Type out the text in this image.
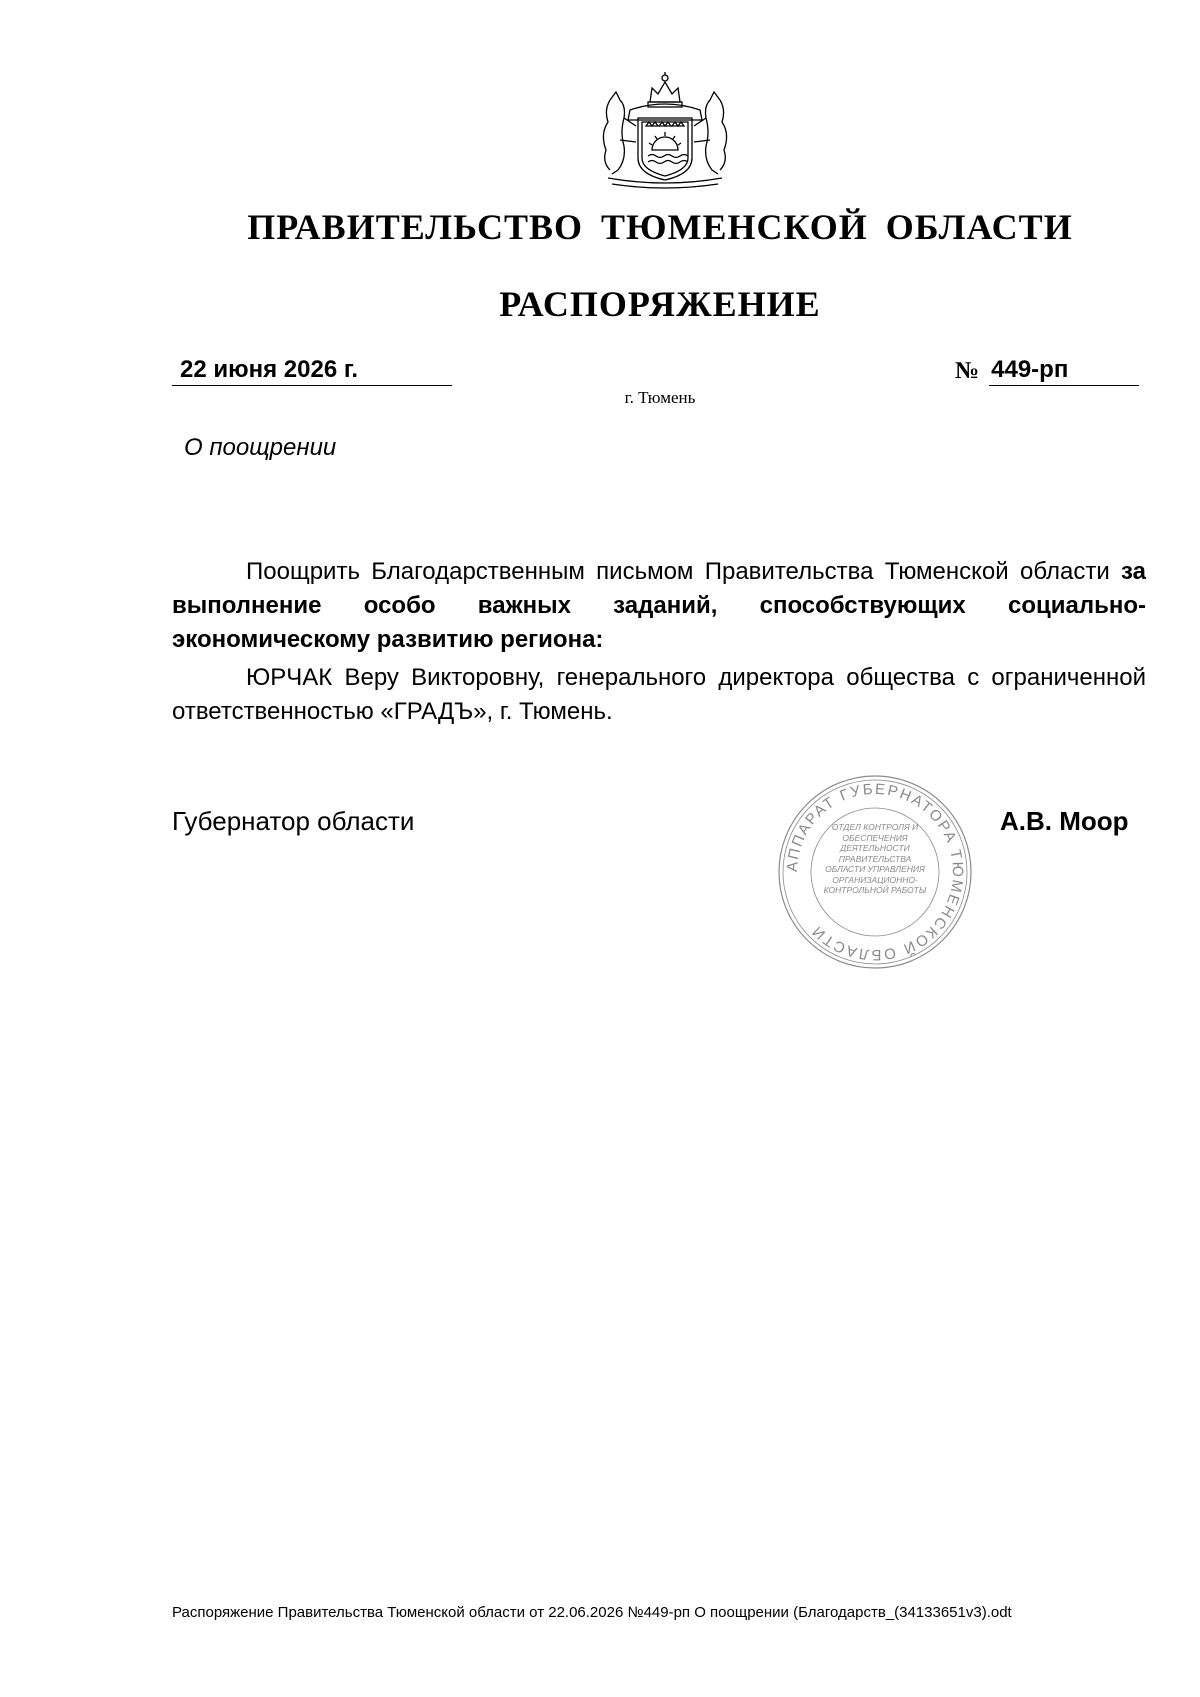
ПРАВИТЕЛЬСТВО ТЮМЕНСКОЙ ОБЛАСТИ
РАСПОРЯЖЕНИЕ
22 июня 2026 г.	№ 449-рп
г. Тюмень
О поощрении

Поощрить Благодарственным письмом Правительства Тюменской области за выполнение особо важных заданий, способствующих социально-экономическому развитию региона:

ЮРЧАК Веру Викторовну, генерального директора общества с ограниченной ответственностью «ГРАДЪ», г. Тюмень.

Губернатор области	А.В. Моор
АППАРАТ ГУБЕРНАТОРА ТЮМЕНСКОЙ ОБЛАСТИ
ОТДЕЛ КОНТРОЛЯ И ОБЕСПЕЧЕНИЯ ДЕЯТЕЛЬНОСТИ ПРАВИТЕЛЬСТВА ОБЛАСТИ УПРАВЛЕНИЯ ОРГАНИЗАЦИОННО-КОНТРОЛЬНОЙ РАБОТЫ
Распоряжение Правительства Тюменской области от 22.06.2026 №449-рп О поощрении (Благодарств_(34133651v3).odt
